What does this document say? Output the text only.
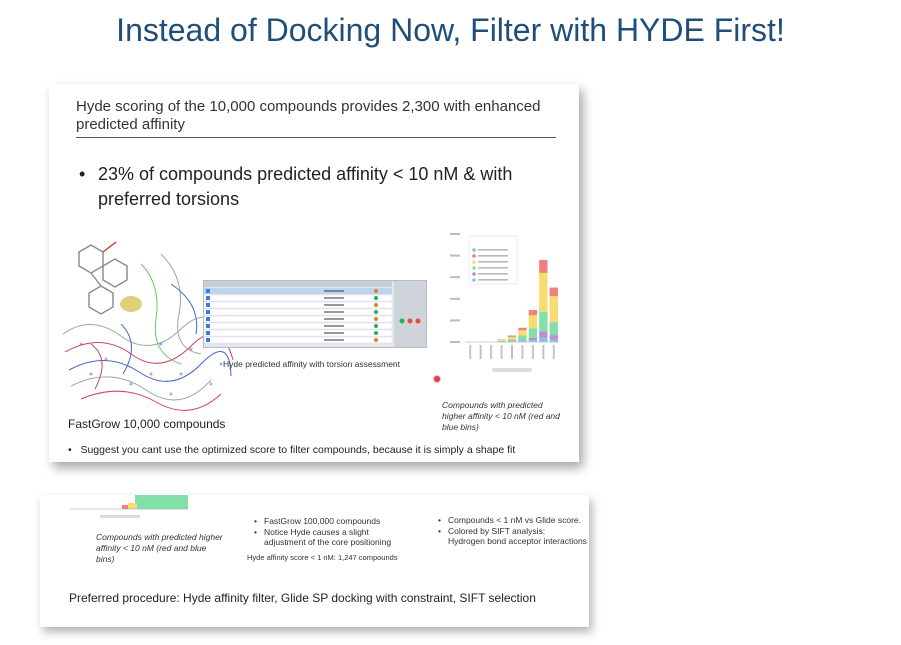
Instead of Docking Now, Filter with HYDE First!
Hyde scoring of the 10,000 compounds provides 2,300 with enhanced predicted affinity
• 23% of compounds predicted affinity < 10 nM & with preferred torsions
Hyde predicted affinity with torsion assessment
Compounds with predicted higher affinity < 10 nM (red and blue bins)
FastGrow 10,000 compounds
• Suggest you cant use the optimized score to filter compounds, because it is simply a shape fit
Compounds with predicted higher affinity < 10 nM (red and blue bins)
• FastGrow 100,000 compounds
• Notice Hyde causes a slight adjustment of the core positioning
Hyde affinity score < 1 nM: 1,247 compounds
• Compounds < 1 nM vs Glide score.
• Colored by SIFT analysis:
Hydrogen bond acceptor interactions
Preferred procedure: Hyde affinity filter, Glide SP docking with constraint, SIFT selection
